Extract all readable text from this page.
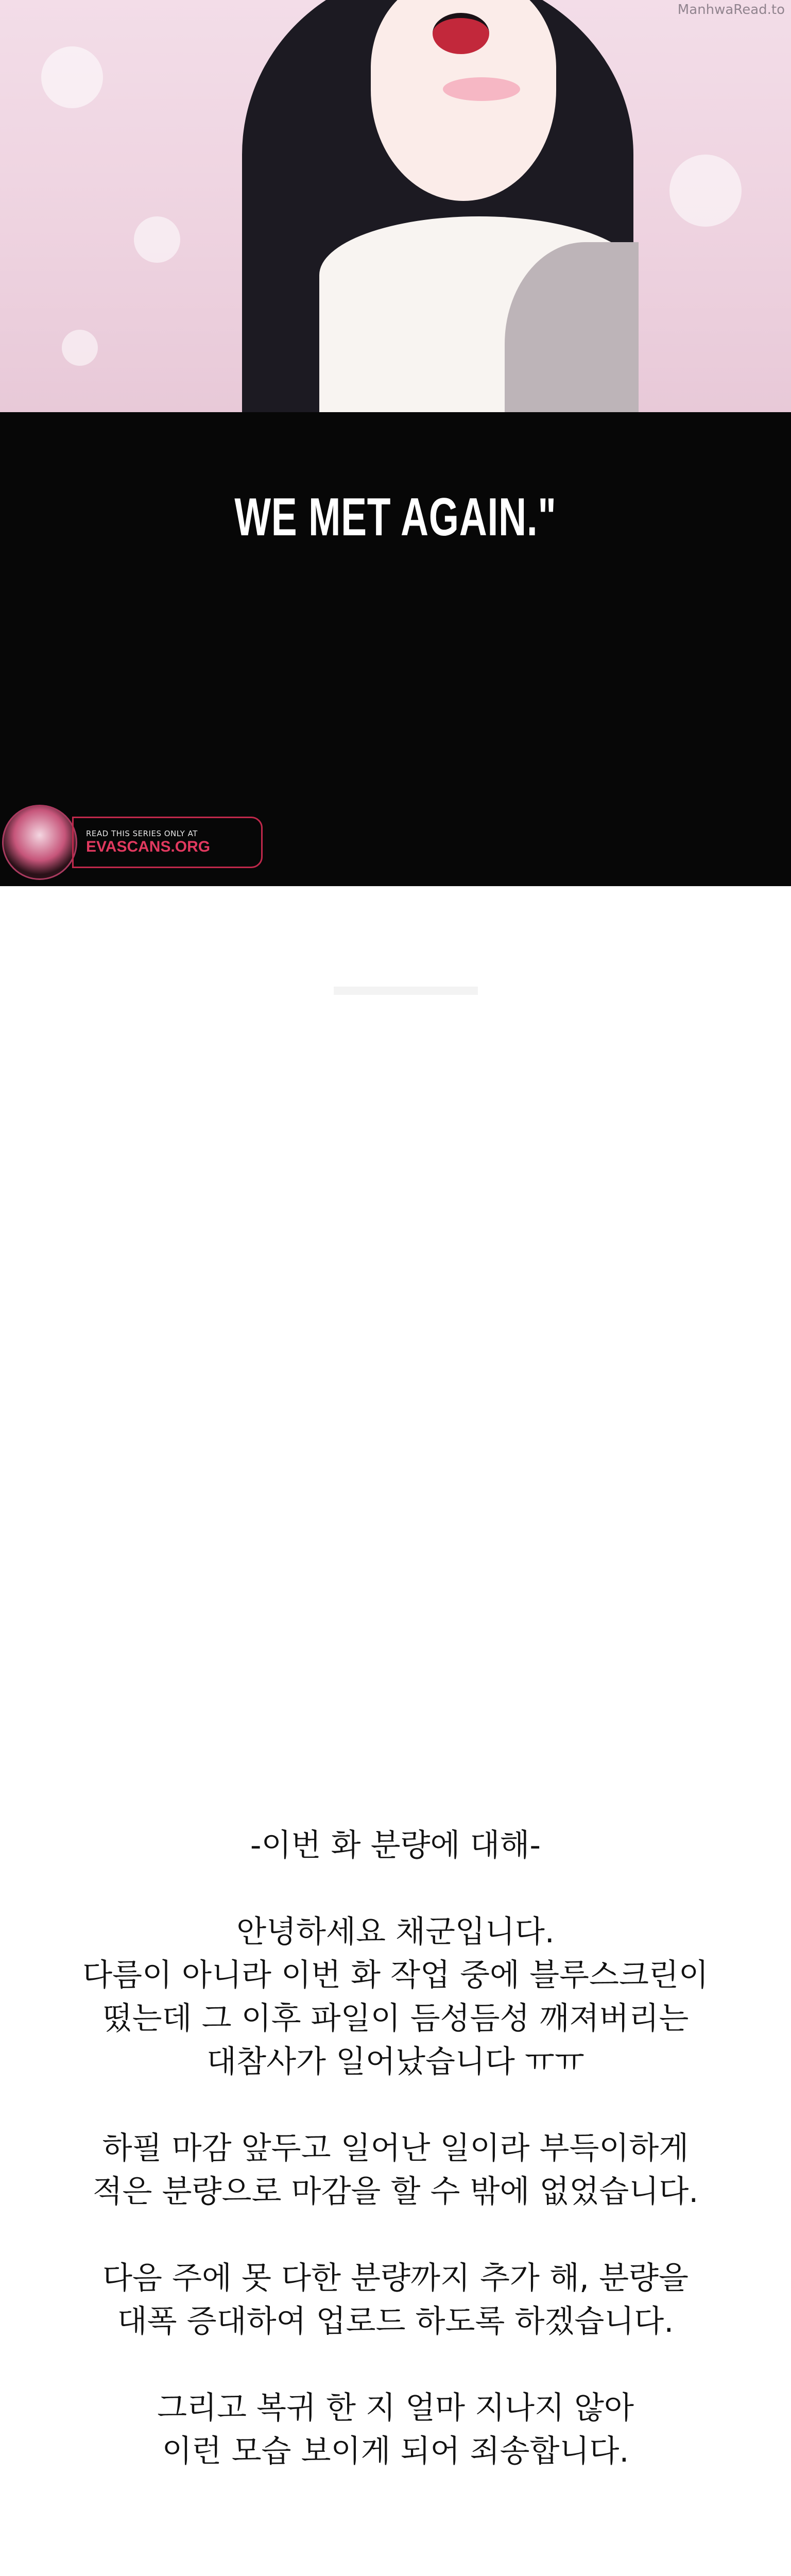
ManhwaRead.to
WE MET AGAIN."
READ THIS SERIES ONLY AT
EVASCANS.ORG
-이번 화 분량에 대해-
안녕하세요 채군입니다.
다름이 아니라 이번 화 작업 중에 블루스크린이
떴는데 그 이후 파일이 듬성듬성 깨져버리는
대참사가 일어났습니다 ㅠㅠ
하필 마감 앞두고 일어난 일이라 부득이하게
적은 분량으로 마감을 할 수 밖에 없었습니다.
다음 주에 못 다한 분량까지 추가 해, 분량을
대폭 증대하여 업로드 하도록 하겠습니다.
그리고 복귀 한 지 얼마 지나지 않아
이런 모습 보이게 되어 죄송합니다.
